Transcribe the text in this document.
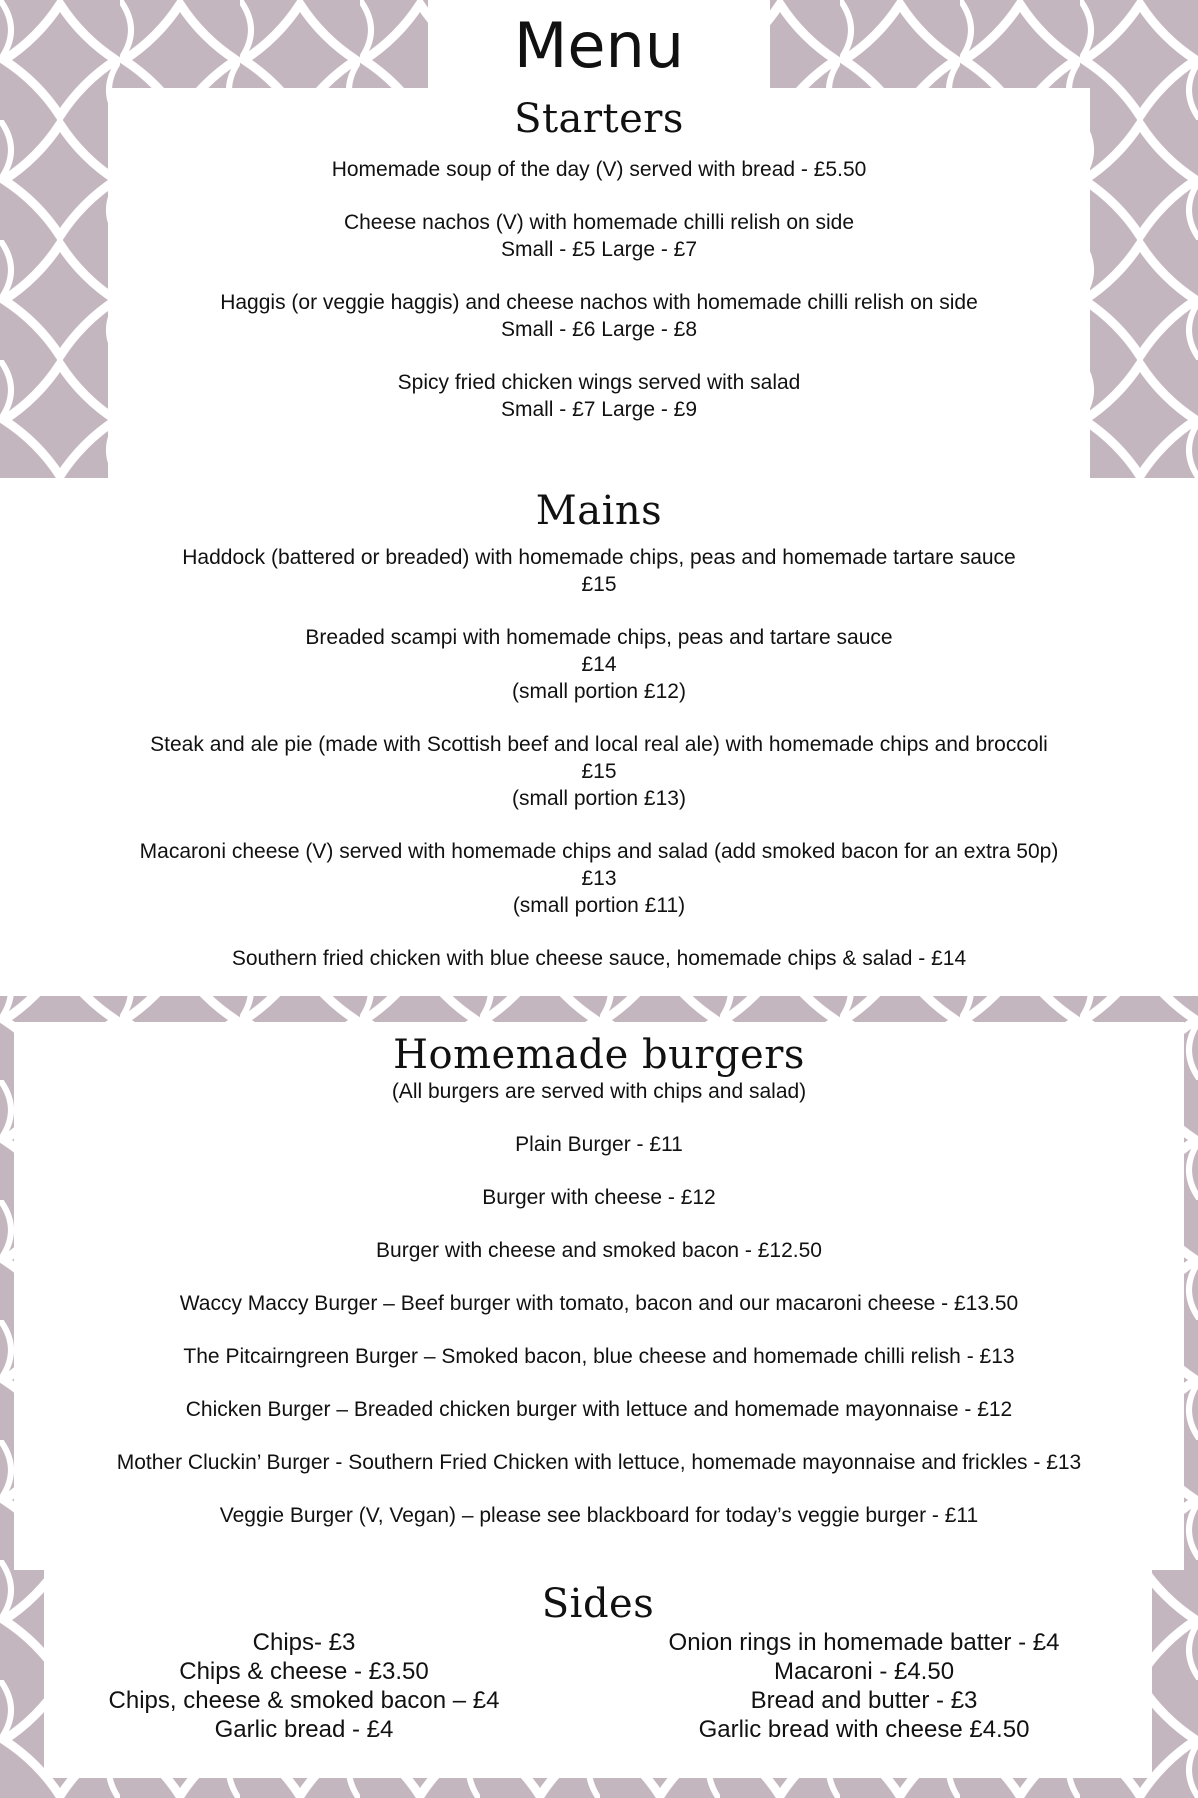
Menu
Starters
Homemade soup of the day (V) served with bread - £5.50
Cheese nachos (V) with homemade chilli relish on side
Small - £5 Large - £7
Haggis (or veggie haggis) and cheese nachos with homemade chilli relish on side
Small - £6 Large - £8
Spicy fried chicken wings served with salad
Small - £7 Large - £9
Mains
Haddock (battered or breaded) with homemade chips, peas and homemade tartare sauce
£15
Breaded scampi with homemade chips, peas and tartare sauce
£14
(small portion £12)
Steak and ale pie (made with Scottish beef and local real ale) with homemade chips and broccoli
£15
(small portion £13)
Macaroni cheese (V) served with homemade chips and salad (add smoked bacon for an extra 50p)
£13
(small portion £11)
Southern fried chicken with blue cheese sauce, homemade chips & salad - £14
Homemade burgers

(All burgers are served with chips and salad)

Plain Burger - £11
Burger with cheese - £12
Burger with cheese and smoked bacon - £12.50
Waccy Maccy Burger – Beef burger with tomato, bacon and our macaroni cheese - £13.50
The Pitcairngreen Burger – Smoked bacon, blue cheese and homemade chilli relish - £13
Chicken Burger – Breaded chicken burger with lettuce and homemade mayonnaise - £12
Mother Cluckin’ Burger - Southern Fried Chicken with lettuce, homemade mayonnaise and frickles - £13
Veggie Burger (V, Vegan) – please see blackboard for today’s veggie burger - £11
Sides

Chips- £3

Chips & cheese - £3.50

Chips, cheese & smoked bacon – £4

Garlic bread - £4

Onion rings in homemade batter - £4

Macaroni - £4.50

Bread and butter - £3

Garlic bread with cheese £4.50
